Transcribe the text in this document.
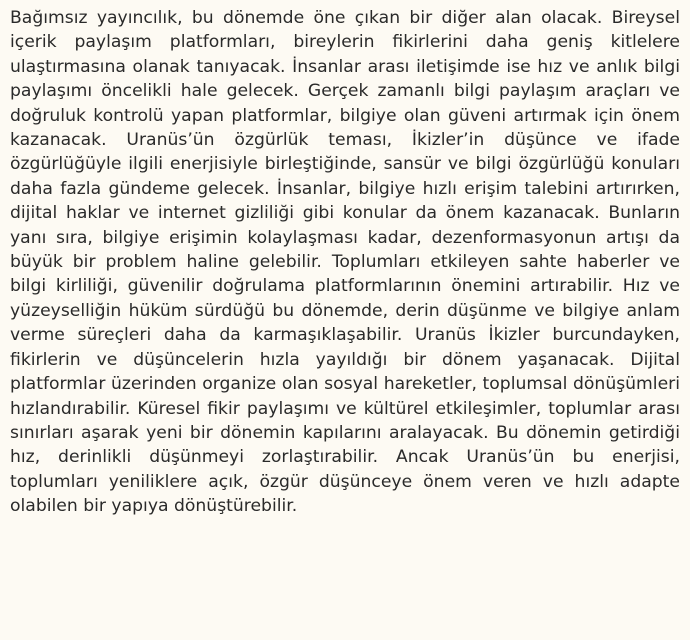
Bağımsız yayıncılık, bu dönemde öne çıkan bir diğer alan olacak. Bireysel içerik paylaşım platformları, bireylerin fikirlerini daha geniş kitlelere ulaştırmasına olanak tanıyacak. İnsanlar arası iletişimde ise hız ve anlık bilgi paylaşımı öncelikli hale gelecek. Gerçek zamanlı bilgi paylaşım araçları ve doğruluk kontrolü yapan platformlar, bilgiye olan güveni artırmak için önem kazanacak. Uranüs’ün özgürlük teması, İkizler’in düşünce ve ifade özgürlüğüyle ilgili enerjisiyle birleştiğinde, sansür ve bilgi özgürlüğü konuları daha fazla gündeme gelecek. İnsanlar, bilgiye hızlı erişim talebini artırırken, dijital haklar ve internet gizliliği gibi konular da önem kazanacak. Bunların yanı sıra, bilgiye erişimin kolaylaşması kadar, dezenformasyonun artışı da büyük bir problem haline gelebilir. Toplumları etkileyen sahte haberler ve bilgi kirliliği, güvenilir doğrulama platformlarının önemini artırabilir. Hız ve yüzeyselliğin hüküm sürdüğü bu dönemde, derin düşünme ve bilgiye anlam verme süreçleri daha da karmaşıklaşabilir. Uranüs İkizler burcundayken, fikirlerin ve düşüncelerin hızla yayıldığı bir dönem yaşanacak. Dijital platformlar üzerinden organize olan sosyal hareketler, toplumsal dönüşümleri hızlandırabilir. Küresel fikir paylaşımı ve kültürel etkileşimler, toplumlar arası sınırları aşarak yeni bir dönemin kapılarını aralayacak. Bu dönemin getirdiği hız, derinlikli düşünmeyi zorlaştırabilir. Ancak Uranüs’ün bu enerjisi, toplumları yeniliklere açık, özgür düşünceye önem veren ve hızlı adapte olabilen bir yapıya dönüştürebilir.
